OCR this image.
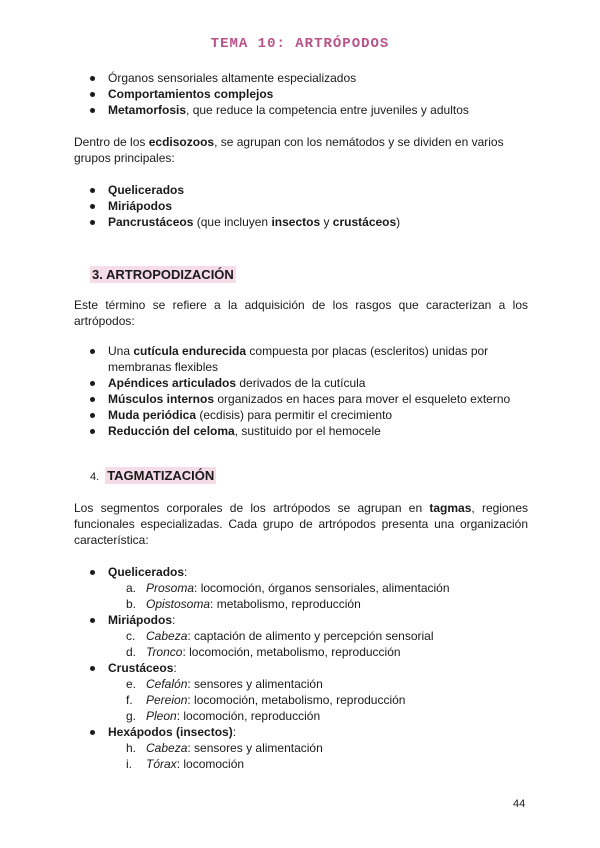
TEMA 10: ARTRÓPODOS
Órganos sensoriales altamente especializados
Comportamientos complejos
Metamorfosis, que reduce la competencia entre juveniles y adultos

Dentro de los ecdisozoos, se agrupan con los nemátodos y se dividen en varios grupos principales:

Quelicerados
Miriápodos
Pancrustáceos (que incluyen insectos y crustáceos)
3. ARTROPODIZACIÓN

Este término se refiere a la adquisición de los rasgos que caracterizan a los artrópodos:

Una cutícula endurecida compuesta por placas (escleritos) unidas por membranas flexibles
Apéndices articulados derivados de la cutícula
Músculos internos organizados en haces para mover el esqueleto externo
Muda periódica (ecdisis) para permitir el crecimiento
Reducción del celoma, sustituido por el hemocele
4. TAGMATIZACIÓN

Los segmentos corporales de los artrópodos se agrupan en tagmas, regiones funcionales especializadas. Cada grupo de artrópodos presenta una organización característica:

Quelicerados:
a. Prosoma: locomoción, órganos sensoriales, alimentación
b. Opistosoma: metabolismo, reproducción
Miriápodos:
c. Cabeza: captación de alimento y percepción sensorial
d. Tronco: locomoción, metabolismo, reproducción
Crustáceos:
e. Cefalón: sensores y alimentación
f. Pereion: locomoción, metabolismo, reproducción
g. Pleon: locomoción, reproducción
Hexápodos (insectos):
h. Cabeza: sensores y alimentación
i. Tórax: locomoción
44
